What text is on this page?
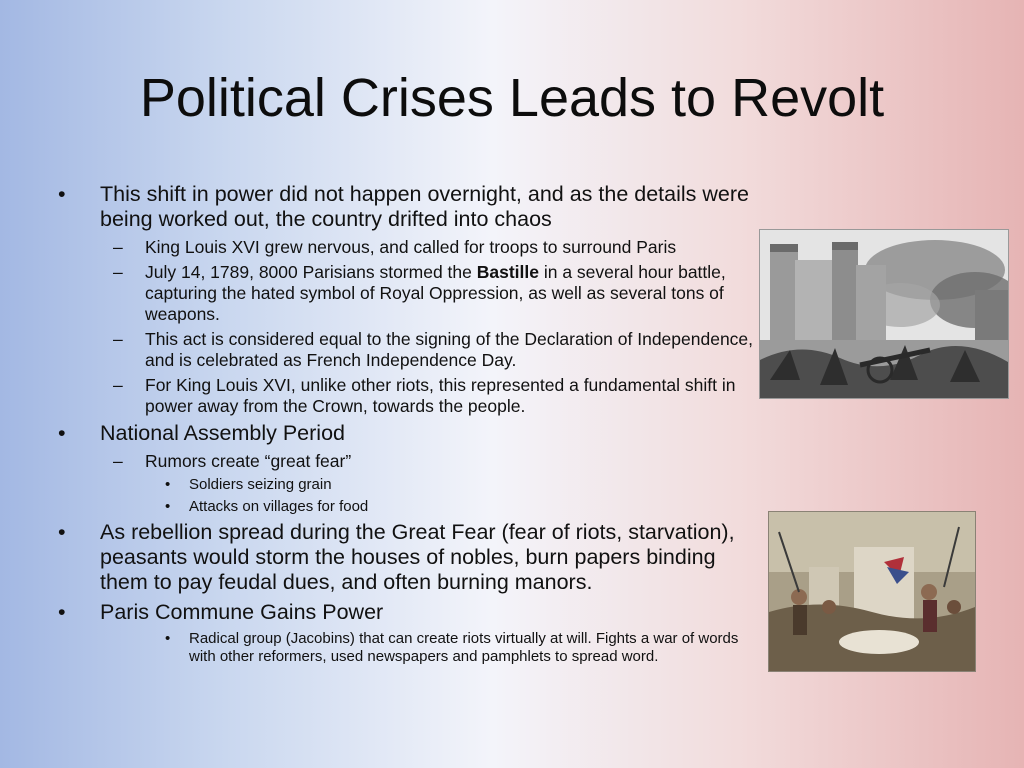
Political Crises Leads to Revolt
• This shift in power did not happen overnight, and as the details were being worked out, the country drifted into chaos
– King Louis XVI grew nervous, and called for troops to surround Paris
– July 14, 1789, 8000 Parisians stormed the Bastille in a several hour battle, capturing the hated symbol of Royal Oppression, as well as several tons of weapons.
– This act is considered equal to the signing of the Declaration of Independence, and is celebrated as French Independence Day.
– For King Louis XVI, unlike other riots, this represented a fundamental shift in power away from the Crown, towards the people.
• National Assembly Period
– Rumors create “great fear”
• Soldiers seizing grain
• Attacks on villages for food
• As rebellion spread during the Great Fear (fear of riots, starvation), peasants would storm the houses of nobles, burn papers binding them to pay feudal dues, and often burning manors.
• Paris Commune Gains Power
• Radical group (Jacobins) that can create riots virtually at will. Fights a war of words with other reformers, used newspapers and pamphlets to spread word.
